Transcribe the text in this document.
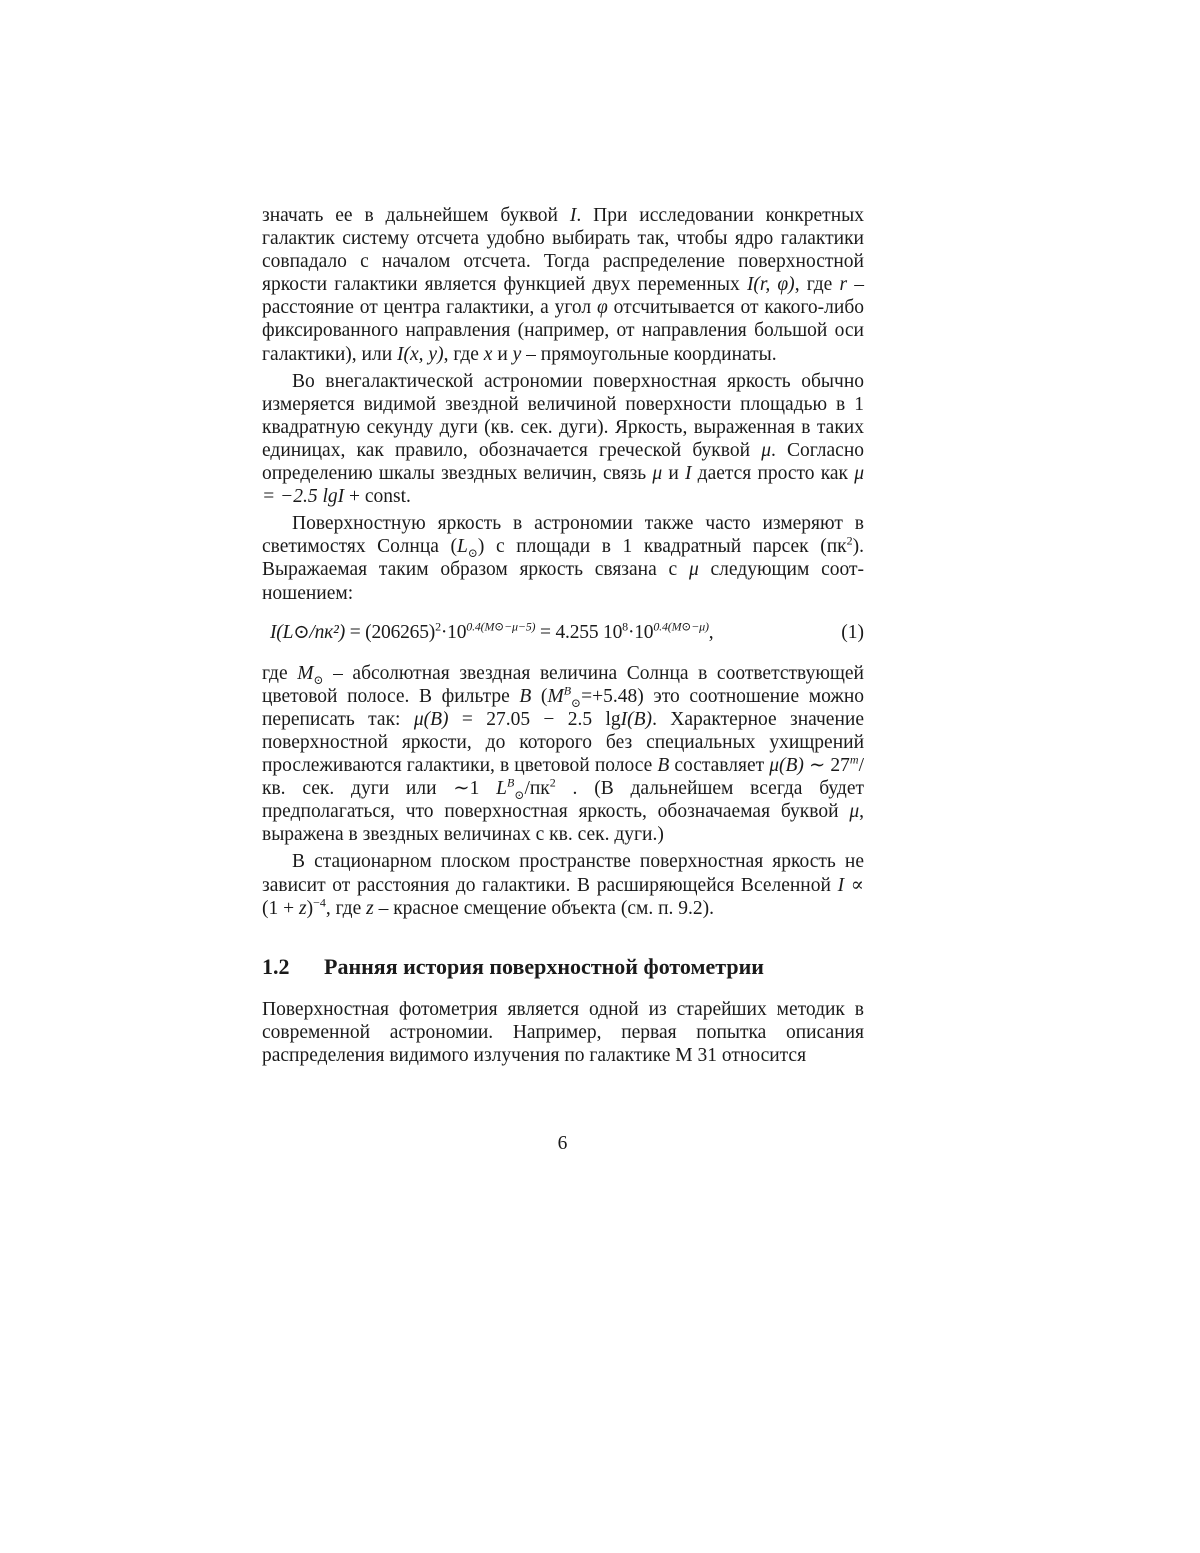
значать ее в дальнейшем буквой I. При исследовании конкретных галактик систему отсчета удобно выбирать так, чтобы ядро галактики совпадало с началом отсчета. Тогда распределение поверхностной яркости галактики является функцией двух переменных I(r, φ), где r – расстояние от центра галактики, а угол φ отсчитывается от какого-либо фиксированного направления (например, от направления большой оси галактики), или I(x, y), где x и y – прямоугольные координаты.

Во внегалактической астрономии поверхностная яркость обычно измеряется видимой звездной величиной поверхности площадью в 1 квадратную секунду дуги (кв. сек. дуги). Яркость, выраженная в таких единицах, как правило, обозначается греческой буквой μ. Согласно определению шкалы звездных величин, связь μ и I дается просто как μ = −2.5 lgI + const.

Поверхностную яркость в астрономии также часто измеряют в светимостях Солнца $(L_⊙)$ с площади в 1 квадратный парсек $(пк^2)$. Выражаемая таким образом яркость связана с μ следующим соотношением:

I(L⊙/пк²) = $(206265)^2\cdot 10^{0.4(M⊙-\mu-5)} = 4.255$ $10^8\cdot 10^{0.4(M⊙-\mu)}$,	(1)

где $M_⊙$ – абсолютная звездная величина Солнца в соответствующей цветовой полосе. В фильтре B $(M^B_⊙=+5.48)$ это соотношение можно переписать так: μ(B) = 27.05 − 2.5 lgI(B). Характерное значение поверхностной яркости, до которого без специальных ухищрений прослеживаются галактики, в цветовой полосе B составляет μ(B) ∼ 27$^m$/кв. сек. дуги или ∼1 $L^B_⊙/пк^2$ . (В дальнейшем всегда будет предполагаться, что поверхностная яркость, обозначаемая буквой μ, выражена в звездных величинах с кв. сек. дуги.)

В стационарном плоском пространстве поверхностная яркость не зависит от расстояния до галактики. В расширяющейся Вселенной $I \propto (1 + z)^{-4}$, где z – красное смещение объекта (см. п. 9.2).

1.2	Ранняя история поверхностной фотометрии

Поверхностная фотометрия является одной из старейших методик в современной астрономии. Например, первая попытка описания распределения видимого излучения по галактике М 31 относится

6
